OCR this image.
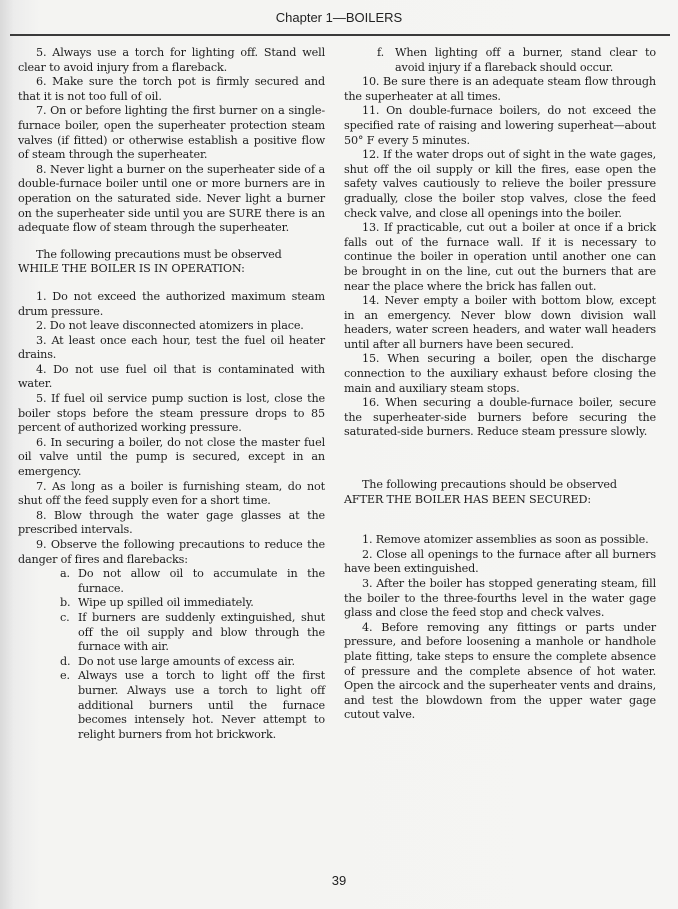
Chapter 1—BOILERS

5. Always use a torch for lighting off. Stand well clear to avoid injury from a flareback.

6. Make sure the torch pot is firmly secured and that it is not too full of oil.

7. On or before lighting the first burner on a single-furnace boiler, open the superheater protection steam valves (if fitted) or otherwise establish a positive flow of steam through the superheater.

8. Never light a burner on the superheater side of a double-furnace boiler until one or more burners are in operation on the saturated side. Never light a burner on the superheater side until you are SURE there is an adequate flow of steam through the superheater.

The following precautions must be observed
WHILE THE BOILER IS IN OPERATION:

1. Do not exceed the authorized maximum steam drum pressure.

2. Do not leave disconnected atomizers in place.

3. At least once each hour, test the fuel oil heater drains.

4. Do not use fuel oil that is contaminated with water.

5. If fuel oil service pump suction is lost, close the boiler stops before the steam pressure drops to 85 percent of authorized working pressure.

6. In securing a boiler, do not close the master fuel oil valve until the pump is secured, except in an emergency.

7. As long as a boiler is furnishing steam, do not shut off the feed supply even for a short time.

8. Blow through the water gage glasses at the prescribed intervals.

9. Observe the following precautions to reduce the danger of fires and flarebacks:

a. Do not allow oil to accumulate in the furnace.
b. Wipe up spilled oil immediately.
c. If burners are suddenly extinguished, shut off the oil supply and blow through the furnace with air.
d. Do not use large amounts of excess air.
e. Always use a torch to light off the first burner. Always use a torch to light off additional burners until the furnace becomes intensely hot. Never attempt to relight burners from hot brickwork.
f. When lighting off a burner, stand clear to avoid injury if a flareback should occur.

10. Be sure there is an adequate steam flow through the superheater at all times.

11. On double-furnace boilers, do not exceed the specified rate of raising and lowering superheat—about 50° F every 5 minutes.

12. If the water drops out of sight in the wate gages, shut off the oil supply or kill the fires, ease open the safety valves cautiously to relieve the boiler pressure gradually, close the boiler stop valves, close the feed check valve, and close all openings into the boiler.

13. If practicable, cut out a boiler at once if a brick falls out of the furnace wall. If it is necessary to continue the boiler in operation until another one can be brought in on the line, cut out the burners that are near the place where the brick has fallen out.

14. Never empty a boiler with bottom blow, except in an emergency. Never blow down division wall headers, water screen headers, and water wall headers until after all burners have been secured.

15. When securing a boiler, open the discharge connection to the auxiliary exhaust before closing the main and auxiliary steam stops.

16. When securing a double-furnace boiler, secure the superheater-side burners before securing the saturated-side burners. Reduce steam pressure slowly.

The following precautions should be observed
AFTER THE BOILER HAS BEEN SECURED:

1. Remove atomizer assemblies as soon as possible.

2. Close all openings to the furnace after all burners have been extinguished.

3. After the boiler has stopped generating steam, fill the boiler to the three-fourths level in the water gage glass and close the feed stop and check valves.

4. Before removing any fittings or parts under pressure, and before loosening a manhole or handhole plate fitting, take steps to ensure the complete absence of pressure and the complete absence of hot water. Open the aircock and the superheater vents and drains, and test the blowdown from the upper water gage cutout valve.

39
